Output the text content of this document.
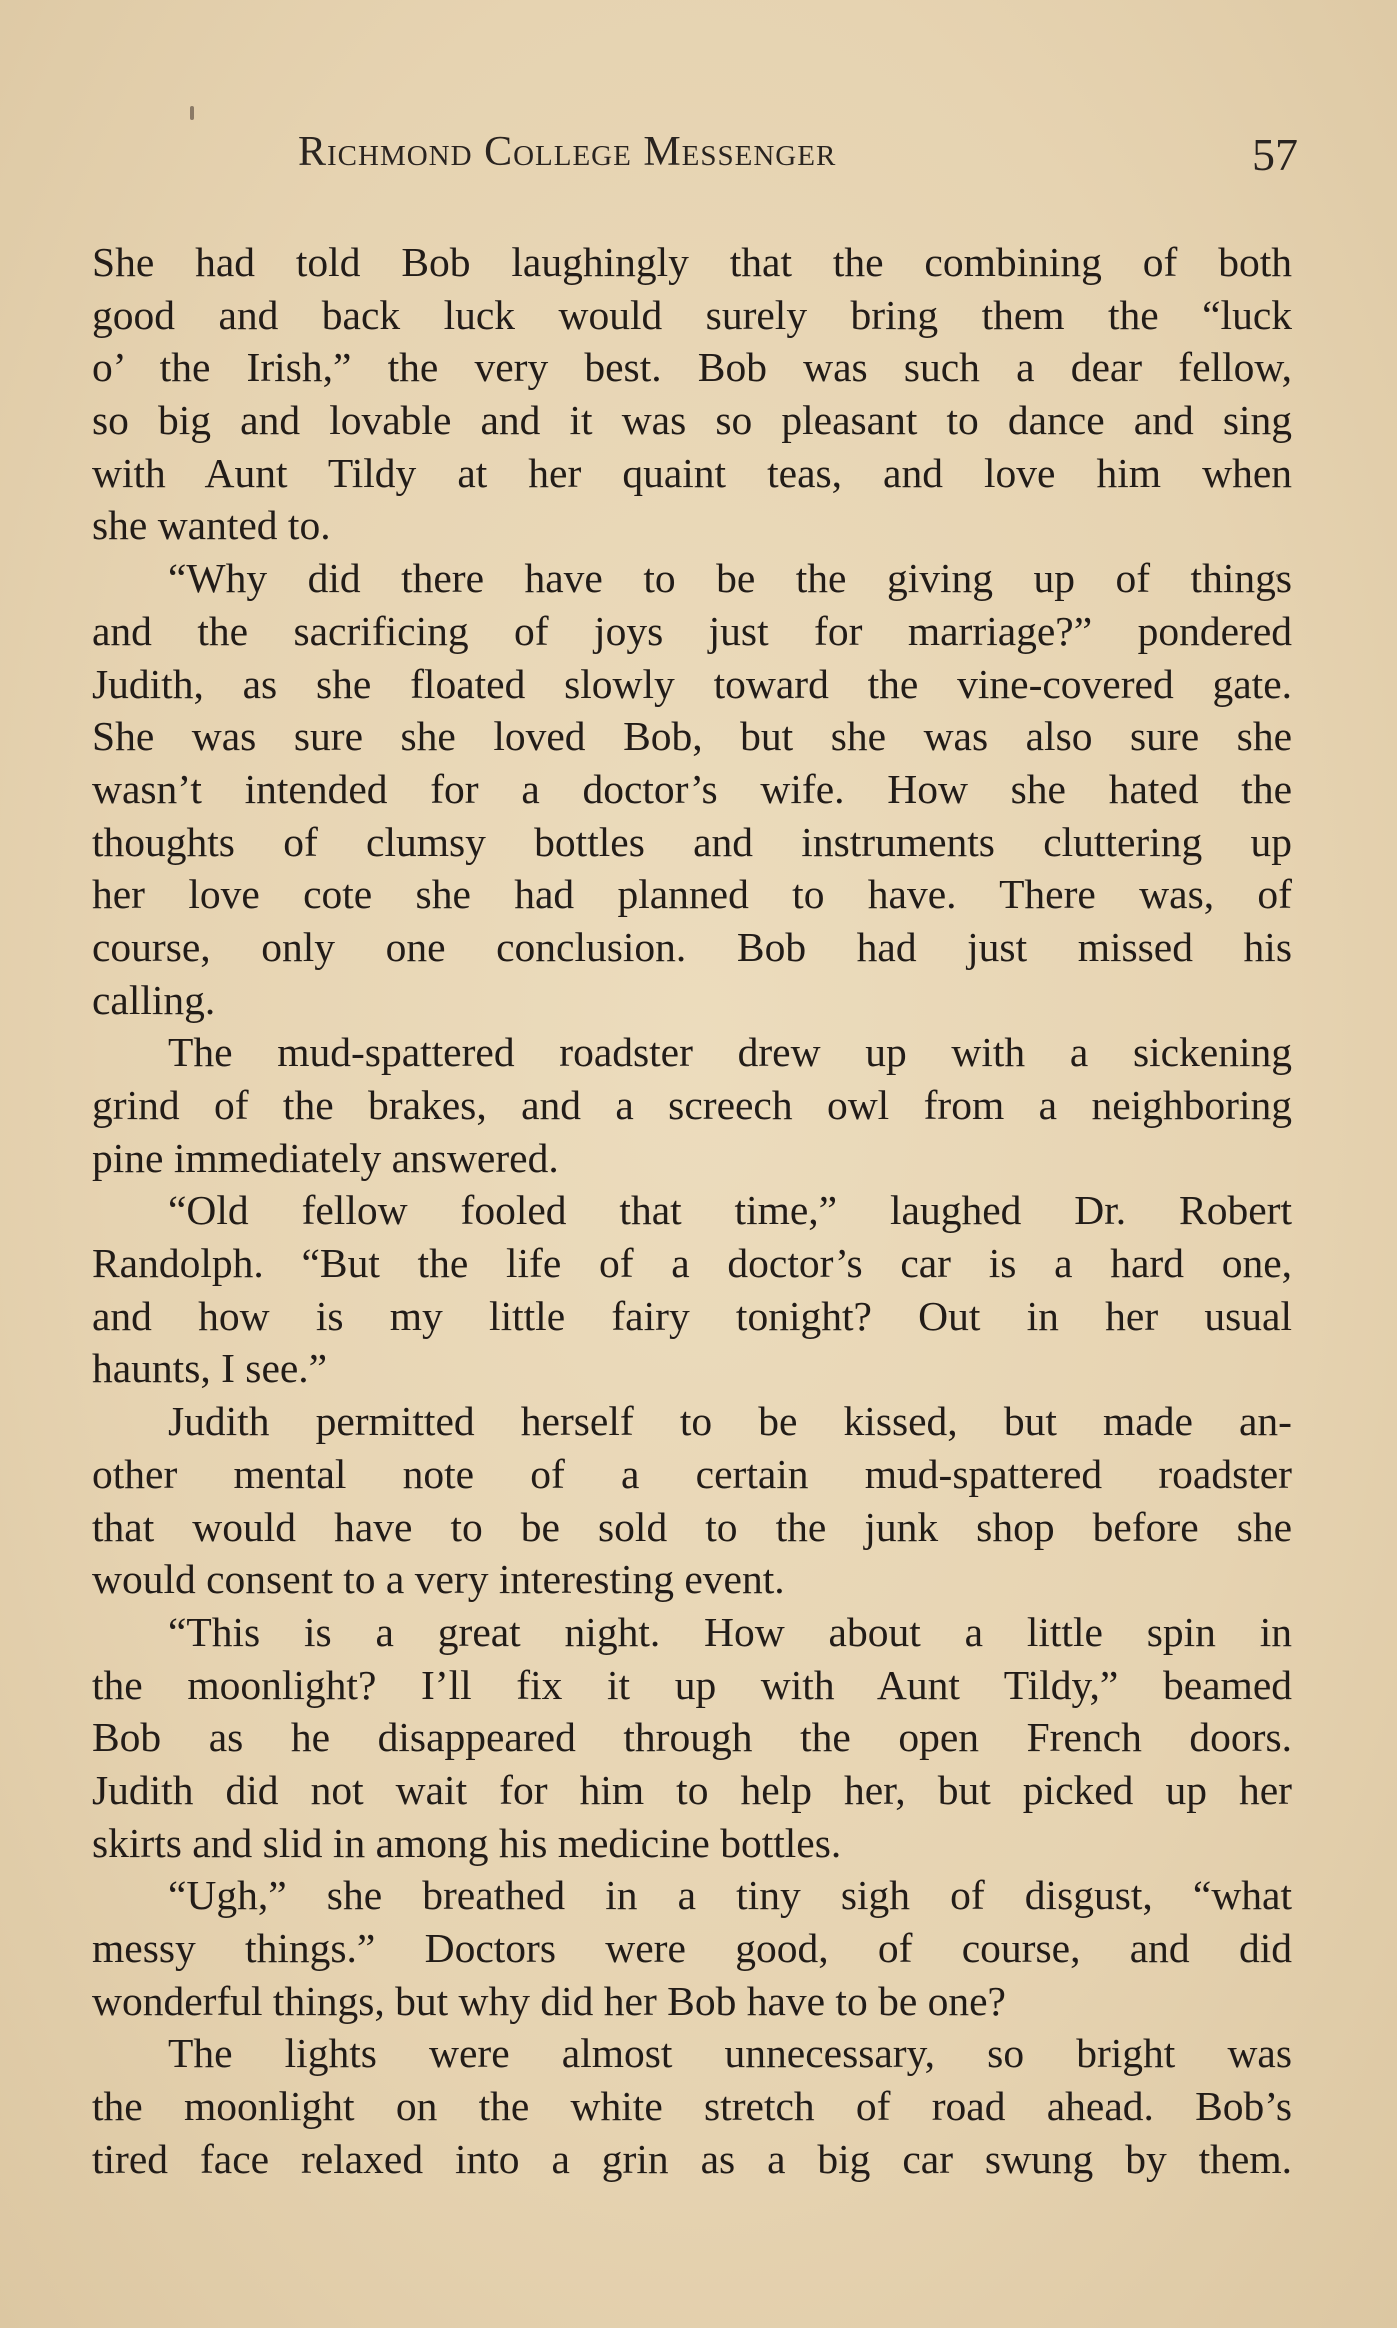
Richmond College Messenger	57
She had told Bob laughingly that the combining of both
good and back luck would surely bring them the “luck
o’ the Irish,” the very best. Bob was such a dear fellow,
so big and lovable and it was so pleasant to dance and sing
with Aunt Tildy at her quaint teas, and love him when
she wanted to.
“Why did there have to be the giving up of things
and the sacrificing of joys just for marriage?” pondered
Judith, as she floated slowly toward the vine-covered gate.
She was sure she loved Bob, but she was also sure she
wasn’t intended for a doctor’s wife. How she hated the
thoughts of clumsy bottles and instruments cluttering up
her love cote she had planned to have. There was, of
course, only one conclusion. Bob had just missed his
calling.
The mud-spattered roadster drew up with a sickening
grind of the brakes, and a screech owl from a neighboring
pine immediately answered.
“Old fellow fooled that time,” laughed Dr. Robert
Randolph. “But the life of a doctor’s car is a hard one,
and how is my little fairy tonight? Out in her usual
haunts, I see.”
Judith permitted herself to be kissed, but made an-
other mental note of a certain mud-spattered roadster
that would have to be sold to the junk shop before she
would consent to a very interesting event.
“This is a great night. How about a little spin in
the moonlight? I’ll fix it up with Aunt Tildy,” beamed
Bob as he disappeared through the open French doors.
Judith did not wait for him to help her, but picked up her
skirts and slid in among his medicine bottles.
“Ugh,” she breathed in a tiny sigh of disgust, “what
messy things.” Doctors were good, of course, and did
wonderful things, but why did her Bob have to be one?
The lights were almost unnecessary, so bright was
the moonlight on the white stretch of road ahead. Bob’s
tired face relaxed into a grin as a big car swung by them.
